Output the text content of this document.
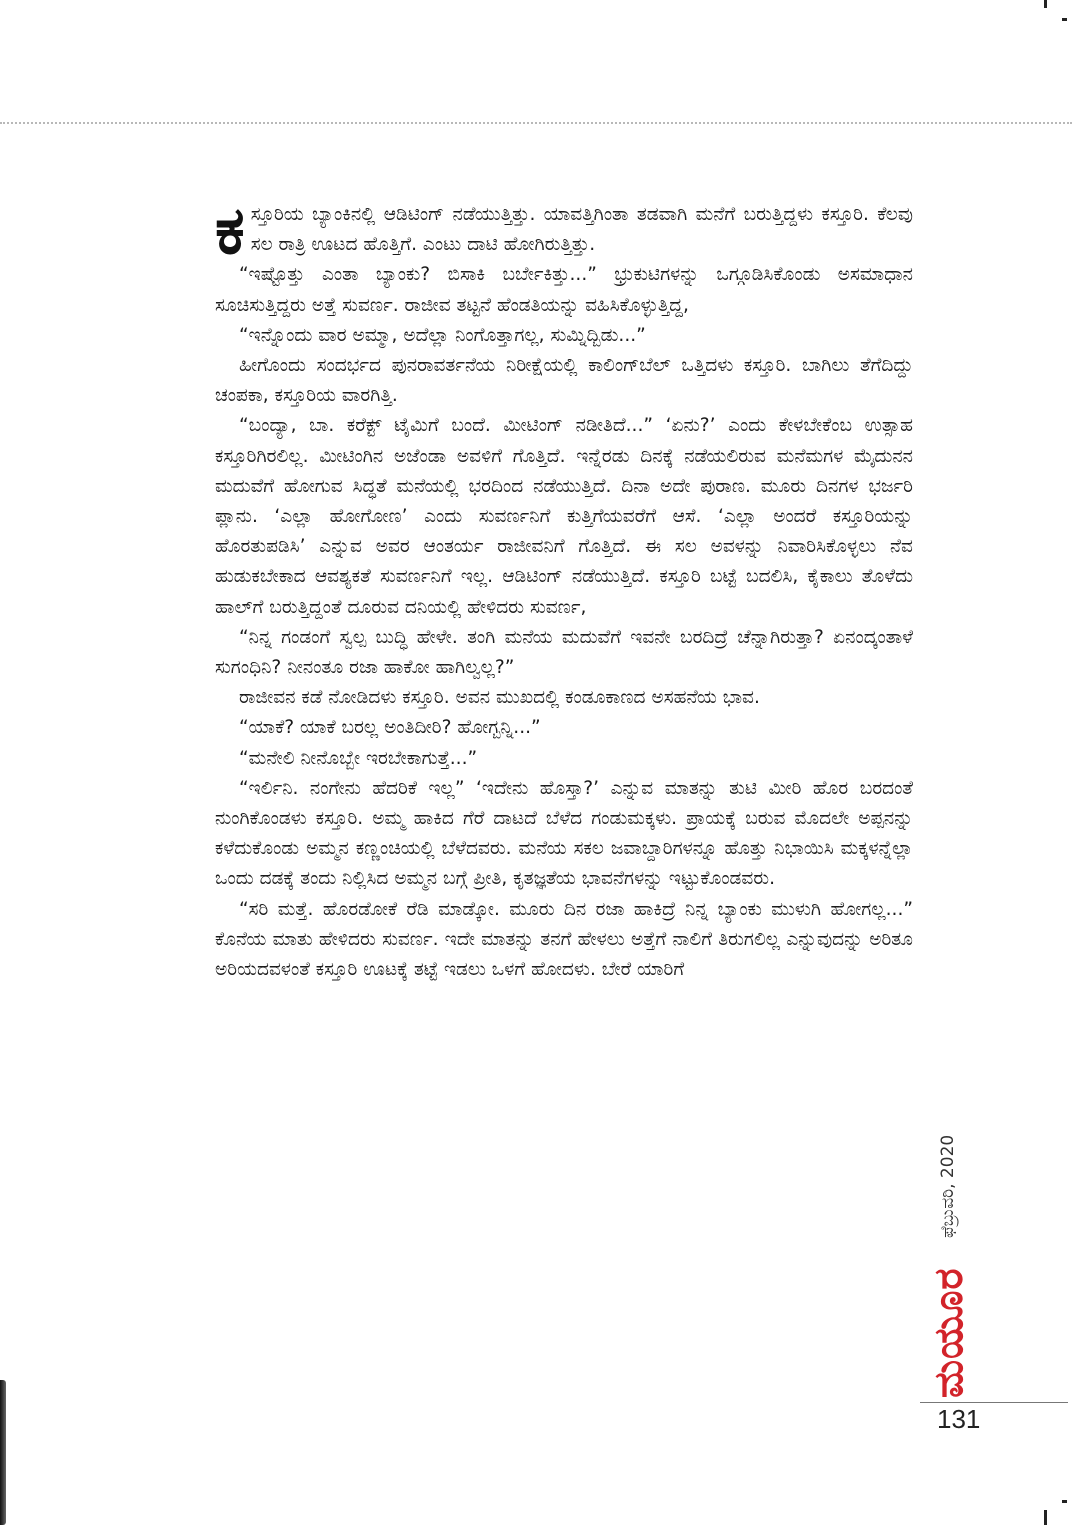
ಕಸ್ತೂರಿಯ ಬ್ಯಾಂಕಿನಲ್ಲಿ ಆಡಿಟಿಂಗ್ ನಡೆಯುತ್ತಿತ್ತು. ಯಾವತ್ತಿಗಿಂತಾ ತಡವಾಗಿ ಮನೆಗೆ ಬರುತ್ತಿದ್ದಳು ಕಸ್ತೂರಿ. ಕೆಲವು ಸಲ ರಾತ್ರಿ ಊಟದ ಹೊತ್ತಿಗೆ. ಎಂಟು ದಾಟಿ ಹೋಗಿರುತ್ತಿತ್ತು.

“ಇಷ್ಟೊತ್ತು ಎಂತಾ ಬ್ಯಾಂಕು? ಬಿಸಾಕಿ ಬರ್ಬೇಕಿತ್ತು...” ಭ್ರುಕುಟಿಗಳನ್ನು ಒಗ್ಗೂಡಿಸಿಕೊಂಡು ಅಸಮಾಧಾನ ಸೂಚಿಸುತ್ತಿದ್ದರು ಅತ್ತೆ ಸುವರ್ಣ. ರಾಜೀವ ತಟ್ಟನೆ ಹೆಂಡತಿಯನ್ನು ವಹಿಸಿಕೊಳ್ಳುತ್ತಿದ್ದ,

“ಇನ್ನೊಂದು ವಾರ ಅಮ್ಮಾ, ಅದೆಲ್ಲಾ ನಿಂಗೊತ್ತಾಗಲ್ಲ, ಸುಮ್ನಿದ್ಬಿಡು...”

ಹೀಗೊಂದು ಸಂದರ್ಭದ ಪುನರಾವರ್ತನೆಯ ನಿರೀಕ್ಷೆಯಲ್ಲಿ ಕಾಲಿಂಗ್‌ಬೆಲ್ ಒತ್ತಿದಳು ಕಸ್ತೂರಿ. ಬಾಗಿಲು ತೆಗೆದಿದ್ದು ಚಂಪಕಾ, ಕಸ್ತೂರಿಯ ವಾರಗಿತ್ತಿ.

“ಬಂದ್ಯಾ, ಬಾ. ಕರೆಕ್ಟ್ ಟೈಮಿಗೆ ಬಂದೆ. ಮೀಟಿಂಗ್ ನಡೀತಿದೆ...” ‘ಏನು?’ ಎಂದು ಕೇಳಬೇಕೆಂಬ ಉತ್ಸಾಹ ಕಸ್ತೂರಿಗಿರಲಿಲ್ಲ. ಮೀಟಿಂಗಿನ ಅಜೆಂಡಾ ಅವಳಿಗೆ ಗೊತ್ತಿದೆ. ಇನ್ನೆರಡು ದಿನಕ್ಕೆ ನಡೆಯಲಿರುವ ಮನೆಮಗಳ ಮೈದುನನ ಮದುವೆಗೆ ಹೋಗುವ ಸಿದ್ಧತೆ ಮನೆಯಲ್ಲಿ ಭರದಿಂದ ನಡೆಯುತ್ತಿದೆ. ದಿನಾ ಅದೇ ಪುರಾಣ. ಮೂರು ದಿನಗಳ ಭರ್ಜರಿ ಪ್ಲಾನು. ‘ಎಲ್ಲಾ ಹೋಗೋಣ’ ಎಂದು ಸುವರ್ಣನಿಗೆ ಕುತ್ತಿಗೆಯವರೆಗೆ ಆಸೆ. ‘ಎಲ್ಲಾ ಅಂದರೆ ಕಸ್ತೂರಿಯನ್ನು ಹೊರತುಪಡಿಸಿ’ ಎನ್ನುವ ಅವರ ಆಂತರ್ಯ ರಾಜೀವನಿಗೆ ಗೊತ್ತಿದೆ. ಈ ಸಲ ಅವಳನ್ನು ನಿವಾರಿಸಿಕೊಳ್ಳಲು ನೆವ ಹುಡುಕಬೇಕಾದ ಆವಶ್ಯಕತೆ ಸುವರ್ಣನಿಗೆ ಇಲ್ಲ. ಆಡಿಟಿಂಗ್ ನಡೆಯುತ್ತಿದೆ. ಕಸ್ತೂರಿ ಬಟ್ಟೆ ಬದಲಿಸಿ, ಕೈಕಾಲು ತೊಳೆದು ಹಾಲ್‌ಗೆ ಬರುತ್ತಿದ್ದಂತೆ ದೂರುವ ದನಿಯಲ್ಲಿ ಹೇಳಿದರು ಸುವರ್ಣ,

“ನಿನ್ನ ಗಂಡಂಗೆ ಸ್ವಲ್ಪ ಬುದ್ಧಿ ಹೇಳೇ. ತಂಗಿ ಮನೆಯ ಮದುವೆಗೆ ಇವನೇ ಬರದಿದ್ರೆ ಚೆನ್ನಾಗಿರುತ್ತಾ? ಏನಂದ್ಕಂತಾಳೆ ಸುಗಂಧಿನಿ? ನೀನಂತೂ ರಜಾ ಹಾಕೋ ಹಾಗಿಲ್ವಲ್ಲ?”

ರಾಜೀವನ ಕಡೆ ನೋಡಿದಳು ಕಸ್ತೂರಿ. ಅವನ ಮುಖದಲ್ಲಿ ಕಂಡೂಕಾಣದ ಅಸಹನೆಯ ಭಾವ.

“ಯಾಕೆ? ಯಾಕೆ ಬರಲ್ಲ ಅಂತಿದೀರಿ? ಹೋಗ್ಬನ್ನಿ...”

“ಮನೇಲಿ ನೀನೊಬ್ಬೇ ಇರಬೇಕಾಗುತ್ತೆ...”

“ಇರ್ಲಿನಿ. ನಂಗೇನು ಹೆದರಿಕೆ ಇಲ್ಲ” ‘ಇದೇನು ಹೊಸ್ತಾ?’ ಎನ್ನುವ ಮಾತನ್ನು ತುಟಿ ಮೀರಿ ಹೊರ ಬರದಂತೆ ನುಂಗಿಕೊಂಡಳು ಕಸ್ತೂರಿ. ಅಮ್ಮ ಹಾಕಿದ ಗೆರೆ ದಾಟದೆ ಬೆಳೆದ ಗಂಡುಮಕ್ಕಳು. ಪ್ರಾಯಕ್ಕೆ ಬರುವ ಮೊದಲೇ ಅಪ್ಪನನ್ನು ಕಳೆದುಕೊಂಡು ಅಮ್ಮನ ಕಣ್ಣಂಚಿಯಲ್ಲಿ ಬೆಳೆದವರು. ಮನೆಯ ಸಕಲ ಜವಾಬ್ದಾರಿಗಳನ್ನೂ ಹೊತ್ತು ನಿಭಾಯಿಸಿ ಮಕ್ಕಳನ್ನೆಲ್ಲಾ ಒಂದು ದಡಕ್ಕೆ ತಂದು ನಿಲ್ಲಿಸಿದ ಅಮ್ಮನ ಬಗ್ಗೆ ಪ್ರೀತಿ, ಕೃತಜ್ಞತೆಯ ಭಾವನೆಗಳನ್ನು ಇಟ್ಟುಕೊಂಡವರು.

“ಸರಿ ಮತ್ತೆ. ಹೊರಡೋಕೆ ರೆಡಿ ಮಾಡ್ಕೋ. ಮೂರು ದಿನ ರಜಾ ಹಾಕಿದ್ರೆ ನಿನ್ನ ಬ್ಯಾಂಕು ಮುಳುಗಿ ಹೋಗಲ್ಲ...” ಕೊನೆಯ ಮಾತು ಹೇಳಿದರು ಸುವರ್ಣ. ಇದೇ ಮಾತನ್ನು ತನಗೆ ಹೇಳಲು ಅತ್ತೆಗೆ ನಾಲಿಗೆ ತಿರುಗಲಿಲ್ಲ ಎನ್ನುವುದನ್ನು ಅರಿತೂ ಅರಿಯದವಳಂತೆ ಕಸ್ತೂರಿ ಊಟಕ್ಕೆ ತಟ್ಟೆ ಇಡಲು ಒಳಗೆ ಹೋದಳು. ಬೇರೆ ಯಾರಿಗೆ

ಫೆಬ್ರುವರಿ, 2020
ಮಯೂರ
131
